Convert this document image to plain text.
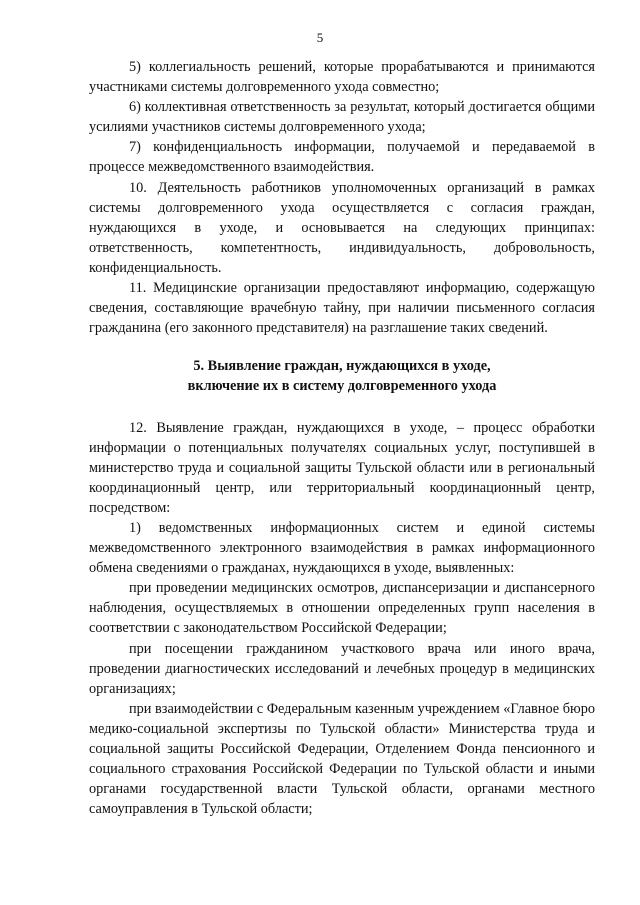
5

5) коллегиальность решений, которые прорабатываются и принимаются участниками системы долговременного ухода совместно;

6) коллективная ответственность за результат, который достигается общими усилиями участников системы долговременного ухода;

7) конфиденциальность информации, получаемой и передаваемой в процессе межведомственного взаимодействия.

10. Деятельность работников уполномоченных организаций в рамках системы долговременного ухода осуществляется с согласия граждан, нуждающихся в уходе, и основывается на следующих принципах: ответственность, компетентность, индивидуальность, добровольность, конфиденциальность.

11. Медицинские организации предоставляют информацию, содержащую сведения, составляющие врачебную тайну, при наличии письменного согласия гражданина (его законного представителя) на разглашение таких сведений.

5. Выявление граждан, нуждающихся в уходе,
включение их в систему долговременного ухода

12. Выявление граждан, нуждающихся в уходе, – процесс обработки информации о потенциальных получателях социальных услуг, поступившей в министерство труда и социальной защиты Тульской области или в региональный координационный центр, или территориальный координационный центр, посредством:

1) ведомственных информационных систем и единой системы межведомственного электронного взаимодействия в рамках информационного обмена сведениями о гражданах, нуждающихся в уходе, выявленных:

при проведении медицинских осмотров, диспансеризации и диспансерного наблюдения, осуществляемых в отношении определенных групп населения в соответствии с законодательством Российской Федерации;

при посещении гражданином участкового врача или иного врача, проведении диагностических исследований и лечебных процедур в медицинских организациях;

при взаимодействии с Федеральным казенным учреждением «Главное бюро медико-социальной экспертизы по Тульской области» Министерства труда и социальной защиты Российской Федерации, Отделением Фонда пенсионного и социального страхования Российской Федерации по Тульской области и иными органами государственной власти Тульской области, органами местного самоуправления в Тульской области;
